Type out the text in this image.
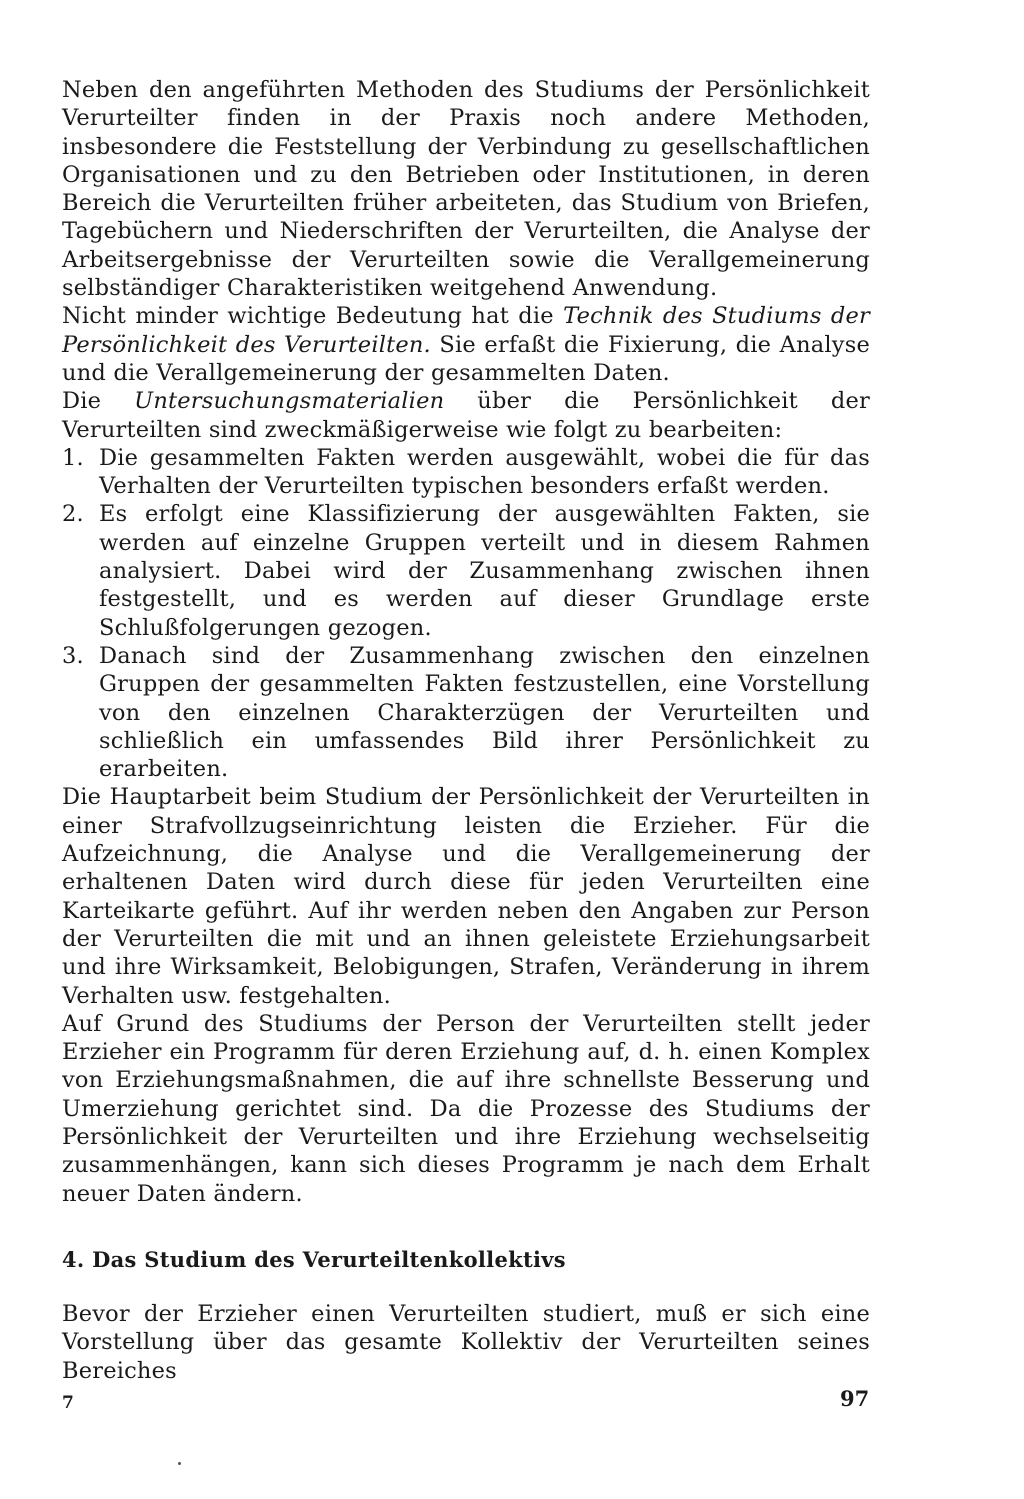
Neben den angeführten Methoden des Studiums der Persönlichkeit Verurteilter finden in der Praxis noch andere Methoden, insbesondere die Feststellung der Verbindung zu gesellschaftlichen Organisationen und zu den Betrieben oder Institutionen, in deren Bereich die Verurteilten früher arbeiteten, das Studium von Briefen, Tagebüchern und Niederschriften der Verurteilten, die Analyse der Arbeitsergebnisse der Verurteilten sowie die Verallgemeinerung selbständiger Charakteristiken weitgehend Anwendung.

Nicht minder wichtige Bedeutung hat die Technik des Studiums der Persönlichkeit des Verurteilten. Sie erfaßt die Fixierung, die Analyse und die Verallgemeinerung der gesammelten Daten.

Die Untersuchungsmaterialien über die Persönlichkeit der Verurteilten sind zweckmäßigerweise wie folgt zu bearbeiten:

1. Die gesammelten Fakten werden ausgewählt, wobei die für das Verhalten der Verurteilten typischen besonders erfaßt werden.
2. Es erfolgt eine Klassifizierung der ausgewählten Fakten, sie werden auf einzelne Gruppen verteilt und in diesem Rahmen analysiert. Dabei wird der Zusammenhang zwischen ihnen festgestellt, und es werden auf dieser Grundlage erste Schlußfolgerungen gezogen.
3. Danach sind der Zusammenhang zwischen den einzelnen Gruppen der gesammelten Fakten festzustellen, eine Vorstellung von den einzelnen Charakterzügen der Verurteilten und schließlich ein umfassendes Bild ihrer Persönlichkeit zu erarbeiten.

Die Hauptarbeit beim Studium der Persönlichkeit der Verurteilten in einer Strafvollzugseinrichtung leisten die Erzieher. Für die Aufzeichnung, die Analyse und die Verallgemeinerung der erhaltenen Daten wird durch diese für jeden Verurteilten eine Karteikarte geführt. Auf ihr werden neben den Angaben zur Person der Verurteilten die mit und an ihnen geleistete Erziehungsarbeit und ihre Wirksamkeit, Belobigungen, Strafen, Veränderung in ihrem Verhalten usw. festgehalten.

Auf Grund des Studiums der Person der Verurteilten stellt jeder Erzieher ein Programm für deren Erziehung auf, d. h. einen Komplex von Erziehungsmaßnahmen, die auf ihre schnellste Besserung und Umerziehung gerichtet sind. Da die Prozesse des Studiums der Persönlichkeit der Verurteilten und ihre Erziehung wechselseitig zusammenhängen, kann sich dieses Programm je nach dem Erhalt neuer Daten ändern.

4. Das Studium des Verurteiltenkollektivs

Bevor der Erzieher einen Verurteilten studiert, muß er sich eine Vorstellung über das gesamte Kollektiv der Verurteilten seines Bereiches

7	97
